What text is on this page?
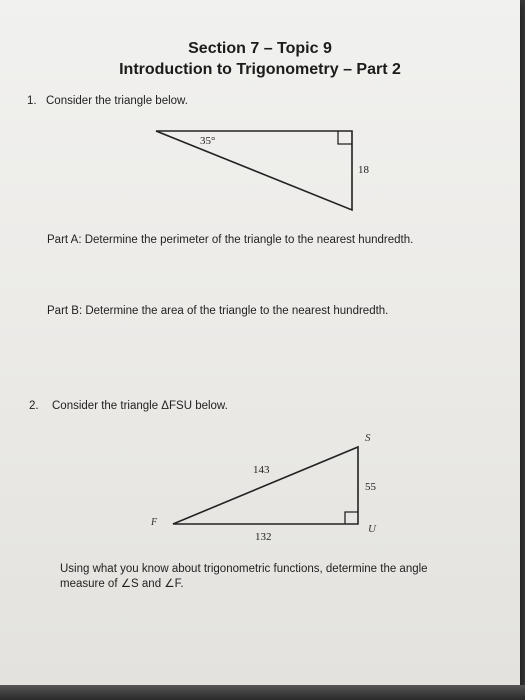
Section 7 – Topic 9
Introduction to Trigonometry – Part 2
1. Consider the triangle below.
35°
18
S
F
U
143
55
132
Part A: Determine the perimeter of the triangle to the nearest hundredth.
Part B: Determine the area of the triangle to the nearest hundredth.
2. Consider the triangle ΔFSU below.
Using what you know about trigonometric functions, determine the angle
measure of ∠S and ∠F.
